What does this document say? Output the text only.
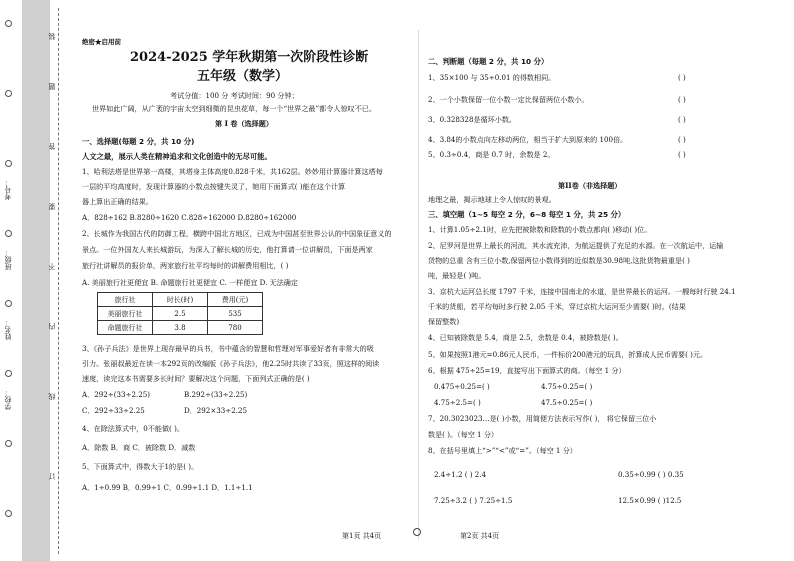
学校：
姓名：
班级：
考号：
订
线
内
不
要
答
题
装
绝密★启用前
2024-2025 学年秋期第一次阶段性诊断
五年级（数学）
考试分值：100 分 考试时间：90 分钟；
世界如此广阔，从广袤的宇宙太空到细微的昆虫花草，每一个“世界之最”都令人惊叹不已。
第 I 卷（选择题）
一、选择题(每题 2 分，共 10 分)
人文之最，展示人类在精神追求和文化创造中的无尽可能。
1、哈利法塔是世界第一高楼，其塔身主体高度0.828千米，共162层。妙妙用计算器计算这塔每
一层的平均高度时，发现计算器的小数点按键失灵了，她用下面算式( )能在这个计算
器上算出正确的结果。
A．828÷162 B.8280÷1620 C.828÷162000 D.8280÷162000
2、长城作为我国古代的防御工程，横跨中国北方地区，已成为中国甚至世界公认的中国象征意义的
景点。一位外国友人来长城游玩，为深入了解长城的历史，他打算请一位讲解员，下面是两家
旅行社讲解员的报价单，两家旅行社平均每时的讲解费用相比，( )
A. 美丽旅行社更便宜 B. 命题旅行社更便宜 C. 一样便宜 D. 无法确定
旅行社	时长(时)	费用(元)
美丽旅行社	2.5	535
命题旅行社	3.8	780
3、《孙子兵法》是世界上现存最早的兵书，书中蕴含的智慧和哲理对军事爱好者有非常大的吸
引力。张丽叔最近在读一本292页的改编版《孙子兵法》，他2.25时共读了33页，照这样的阅读
速度，读完这本书需要多长时间？要解决这个问题，下面列式正确的是( )
A．292÷(33÷2.25)	B.292÷(33÷2.25)
C．292÷33÷2.25	D．292×33÷2.25
4、在除法算式中，0不能做( )。
A．除数 B．商 C．被除数 D．减数
5、下面算式中，得数大于1的是( )。
A．1÷0.99 B．0.99÷1 C．0.99÷1.1 D．1.1÷1.1
二、判断题（每题 2 分，共 10 分）
1、35×100 与 35÷0.01 的得数相同。	( )
2、一个小数保留一位小数一定比保留两位小数小。	( )
3、0.328328是循环小数。	( )
4、3.84的小数点向左移动两位，相当于扩大到原来的 100倍。	( )
5、0.3÷0.4，商是 0.7 时，余数是 2。	( )
第II卷（非选择题）
地理之最，揭示地球上令人惊叹的景观。
三、填空题（1~5 每空 2 分，6~8 每空 1 分，共 25 分）
1、计算1.05÷2.1时，应先把被除数和除数的小数点都向( )移动( )位。
2、尼罗河是世界上最长的河流，其水流充沛，为航运提供了充足的水源。在一次航运中，运输
货物的总重 含有三位小数,保留两位小数得到的近似数是30.98吨,这批货物最重是( )
吨，最轻是( )吨。
3、京杭大运河总长度 1797 千米，连接中国南北的水道，是世界最长的运河。一艘每时行驶 24.1
千米的货船，若平均每时多行驶 2.05 千米，穿过京杭大运河至少需要( )时。(结果
保留整数)
4、已知被除数是 5.4，商是 2.5，余数是 0.4，被除数是( )。
5、如果按照1港元=0.86元人民币，一件标价200港元的玩具，折算成人民币需要( )元。
6、根据 475÷25=19，直接写出下面算式的商。（每空 1 分）
0.475÷0.25=( )	4.75÷0.25=( )
4.75÷2.5=( )	47.5÷0.25=( )
7、20.3023023…是( )小数，用简便方法表示写作( )， 将它保留三位小
数是( )。（每空 1 分）
8、在括号里填上“>”“<”或“=”。（每空 1 分）
2.4÷1.2 ( ) 2.4	0.35÷0.99 ( ) 0.35
7.25÷3.2 ( ) 7.25÷1.5	12.5×0.99 ( )12.5
第1页 共4页	第2页 共4页
